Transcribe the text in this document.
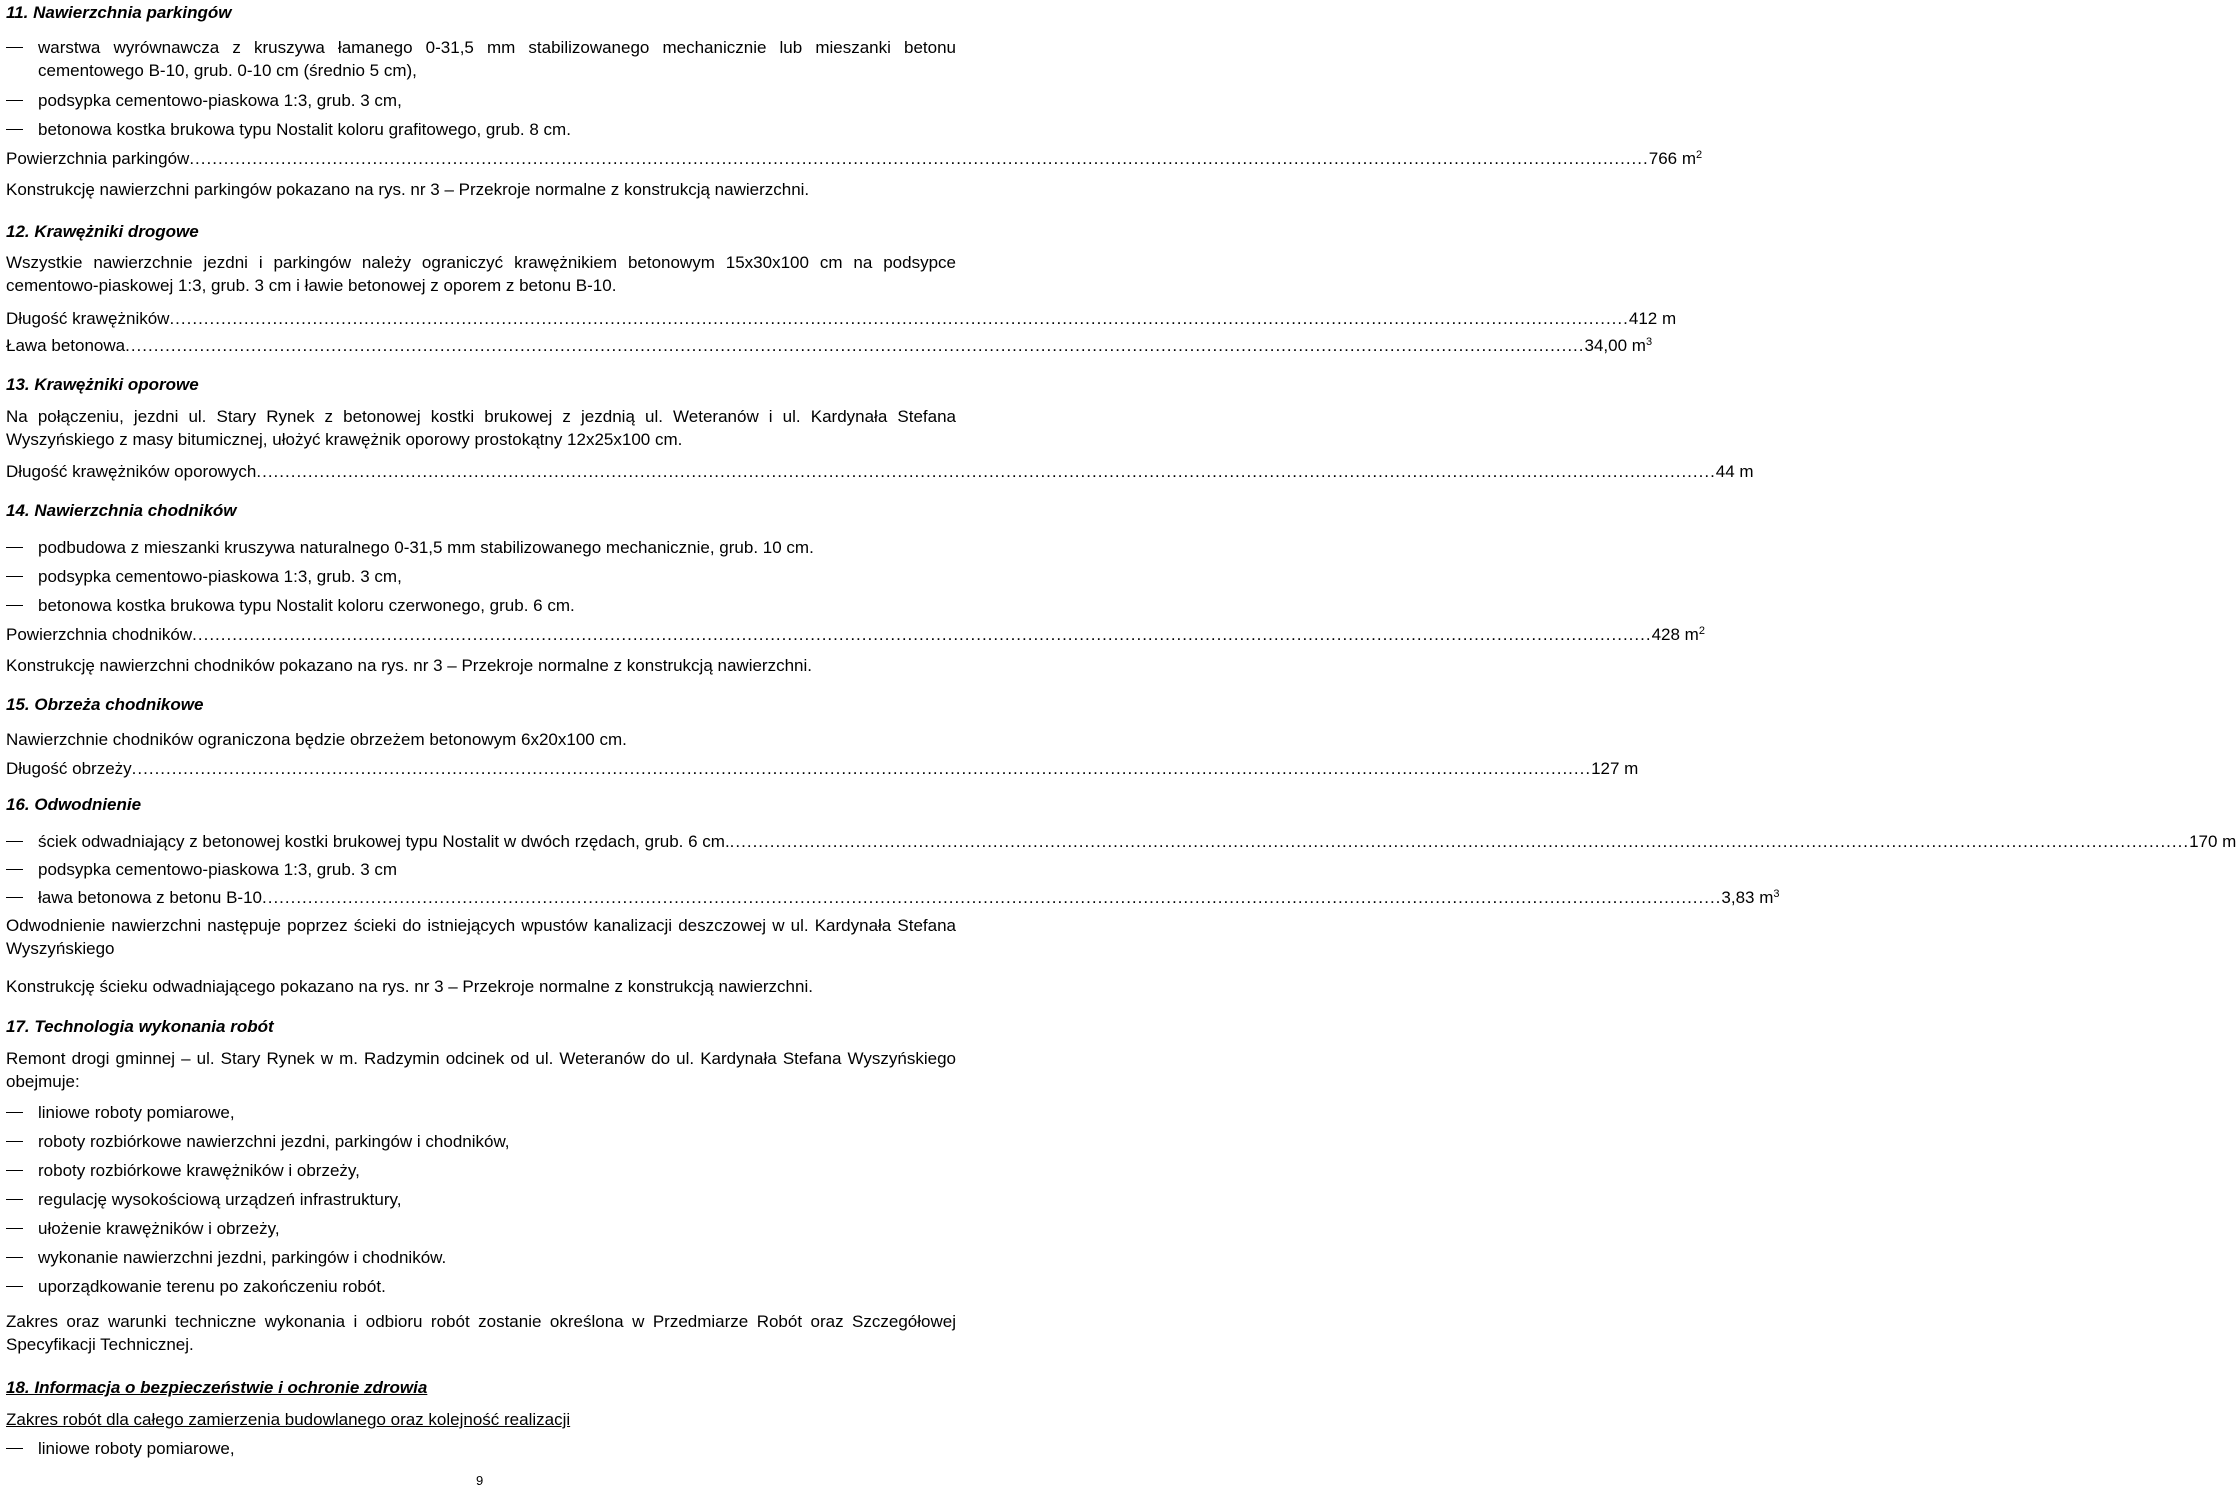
11. Nawierzchnia parkingów
warstwa wyrównawcza z kruszywa łamanego 0-31,5 mm stabilizowanego mechanicznie lub mieszanki betonu cementowego B-10, grub. 0-10 cm (średnio 5 cm),
podsypka cementowo-piaskowa 1:3, grub. 3 cm,
betonowa kostka brukowa typu Nostalit koloru grafitowego, grub. 8 cm.
Powierzchnia parkingów .....	766 $m^2$
Konstrukcję nawierzchni parkingów pokazano na rys. nr 3 – Przekroje normalne z konstrukcją nawierzchni.
12. Krawężniki drogowe
Wszystkie nawierzchnie jezdni i parkingów należy ograniczyć krawężnikiem betonowym 15x30x100 cm na podsypce cementowo-piaskowej 1:3, grub. 3 cm i ławie betonowej z oporem z betonu B-10.
Długość krawężników .....	412 m
Ława betonowa .....	34,00 $m^3$
13. Krawężniki oporowe
Na połączeniu, jezdni ul. Stary Rynek z betonowej kostki brukowej z jezdnią ul. Weteranów i ul. Kardynała Stefana Wyszyńskiego z masy bitumicznej, ułożyć krawężnik oporowy prostokątny 12x25x100 cm.
Długość krawężników oporowych .....	44 m
14. Nawierzchnia chodników
podbudowa z mieszanki kruszywa naturalnego 0-31,5 mm stabilizowanego mechanicznie, grub. 10 cm.
podsypka cementowo-piaskowa 1:3, grub. 3 cm,
betonowa kostka brukowa typu Nostalit koloru czerwonego, grub. 6 cm.
Powierzchnia chodników .....	428 $m^2$
Konstrukcję nawierzchni chodników pokazano na rys. nr 3 – Przekroje normalne z konstrukcją nawierzchni.
15. Obrzeża chodnikowe
Nawierzchnie chodników ograniczona będzie obrzeżem betonowym 6x20x100 cm.
Długość obrzeży .....	127 m
16. Odwodnienie
ściek odwadniający z betonowej kostki brukowej typu Nostalit w dwóch rzędach, grub. 6 cm. .....	170 m
podsypka cementowo-piaskowa 1:3, grub. 3 cm
ława betonowa z betonu B-10 .....	3,83 $m^3$
Odwodnienie nawierzchni następuje poprzez ścieki do istniejących wpustów kanalizacji deszczowej w ul. Kardynała Stefana Wyszyńskiego
Konstrukcję ścieku odwadniającego pokazano na rys. nr 3 – Przekroje normalne z konstrukcją nawierzchni.
17. Technologia wykonania robót
Remont drogi gminnej – ul. Stary Rynek w m. Radzymin odcinek od ul. Weteranów do ul. Kardynała Stefana Wyszyńskiego obejmuje:
liniowe roboty pomiarowe,
roboty rozbiórkowe nawierzchni jezdni, parkingów i chodników,
roboty rozbiórkowe krawężników i obrzeży,
regulację wysokościową urządzeń infrastruktury,
ułożenie krawężników i obrzeży,
wykonanie nawierzchni jezdni, parkingów i chodników.
uporządkowanie terenu po zakończeniu robót.
Zakres oraz warunki techniczne wykonania i odbioru robót zostanie określona w Przedmiarze Robót oraz Szczegółowej Specyfikacji Technicznej.
18. Informacja o bezpieczeństwie i ochronie zdrowia
Zakres robót dla całego zamierzenia budowlanego oraz kolejność realizacji
liniowe roboty pomiarowe,
9
